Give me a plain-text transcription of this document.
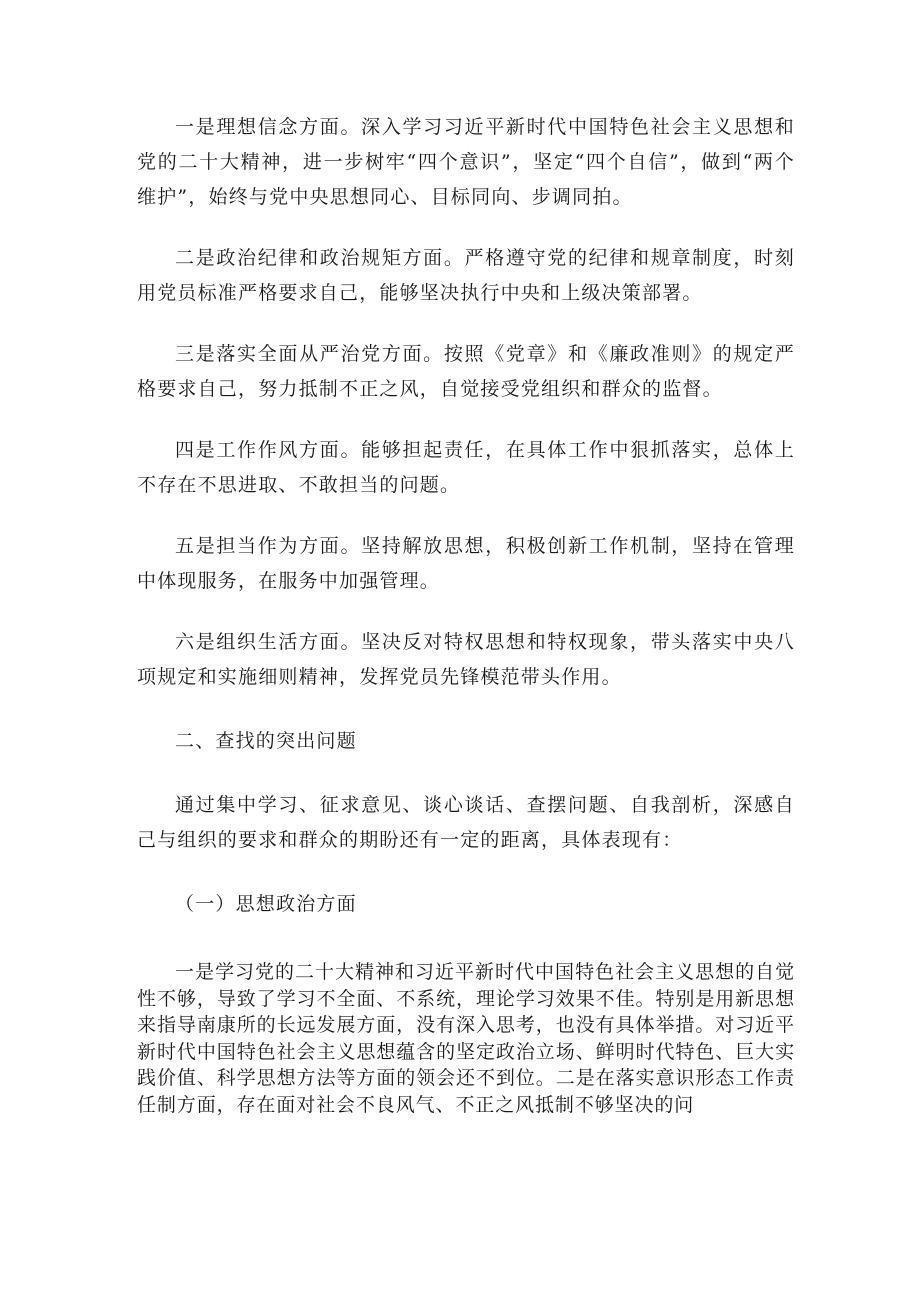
一是理想信念方面。深入学习习近平新时代中国特色社会主义思想和党的二十大精神，进一步树牢“四个意识”，坚定“四个自信”，做到“两个维护”，始终与党中央思想同心、目标同向、步调同拍。

二是政治纪律和政治规矩方面。严格遵守党的纪律和规章制度，时刻用党员标准严格要求自己，能够坚决执行中央和上级决策部署。

三是落实全面从严治党方面。按照《党章》和《廉政准则》的规定严格要求自己，努力抵制不正之风，自觉接受党组织和群众的监督。

四是工作作风方面。能够担起责任，在具体工作中狠抓落实，总体上不存在不思进取、不敢担当的问题。

五是担当作为方面。坚持解放思想，积极创新工作机制，坚持在管理中体现服务，在服务中加强管理。

六是组织生活方面。坚决反对特权思想和特权现象，带头落实中央八项规定和实施细则精神，发挥党员先锋模范带头作用。

二、查找的突出问题

通过集中学习、征求意见、谈心谈话、查摆问题、自我剖析，深感自己与组织的要求和群众的期盼还有一定的距离，具体表现有：

（一）思想政治方面

一是学习党的二十大精神和习近平新时代中国特色社会主义思想的自觉性不够，导致了学习不全面、不系统，理论学习效果不佳。特别是用新思想来指导南康所的长远发展方面，没有深入思考，也没有具体举措。对习近平新时代中国特色社会主义思想蕴含的坚定政治立场、鲜明时代特色、巨大实践价值、科学思想方法等方面的领会还不到位。二是在落实意识形态工作责任制方面，存在面对社会不良风气、不正之风抵制不够坚决的问
